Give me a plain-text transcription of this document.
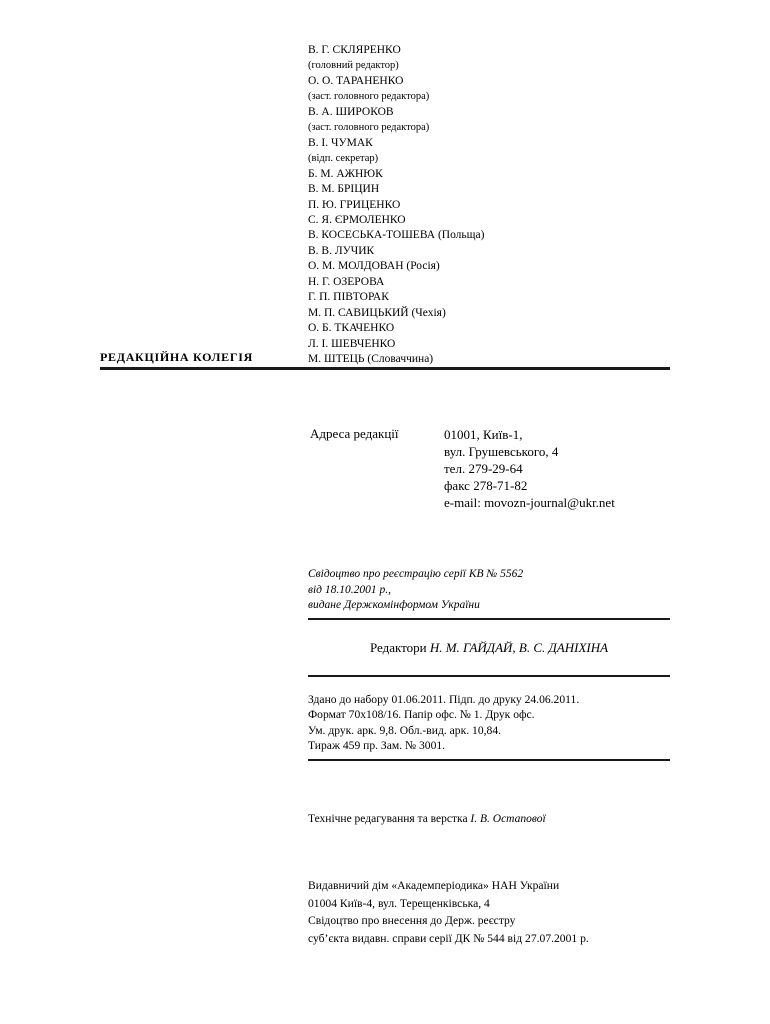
В. Г. СКЛЯРЕНКО
(головний редактор)
О. О. ТАРАНЕНКО
(заст. головного редактора)
В. А. ШИРОКОВ
(заст. головного редактора)
В. І. ЧУМАК
(відп. секретар)
Б. М. АЖНЮК
В. М. БРІЦИН
П. Ю. ГРИЦЕНКО
С. Я. ЄРМОЛЕНКО
В. КОСЕСЬКА-ТОШЕВА (Польща)
В. В. ЛУЧИК
О. М. МОЛДОВАН (Росія)
Н. Г. ОЗЕРОВА
Г. П. ПІВТОРАК
М. П. САВИЦЬКИЙ (Чехія)
О. Б. ТКАЧЕНКО
Л. І. ШЕВЧЕНКО
М. ШТЕЦЬ (Словаччина)
РЕДАКЦІЙНА КОЛЕГІЯ
Адреса редакції	01001, Київ-1,
вул. Грушевського, 4
тел. 279-29-64
факс 278-71-82
e-mail: movozn-journal@ukr.net
Свідоцтво про реєстрацію серії КВ № 5562
від 18.10.2001 р.,
видане Держкомінформом України
Редактори Н. М. ГАЙДАЙ, В. С. ДАНІХІНА
Здано до набору 01.06.2011. Підп. до друку 24.06.2011.
Формат 70х108/16. Папір офс. № 1. Друк офс.
Ум. друк. арк. 9,8. Обл.-вид. арк. 10,84.
Тираж 459 пр. Зам. № 3001.
Технічне редагування та верстка І. В. Остапової
Видавничий дім «Академперіодика» НАН України
01004 Київ-4, вул. Терещенківська, 4
Свідоцтво про внесення до Держ. реєстру
суб’єкта видавн. справи серії ДК № 544 від 27.07.2001 р.
